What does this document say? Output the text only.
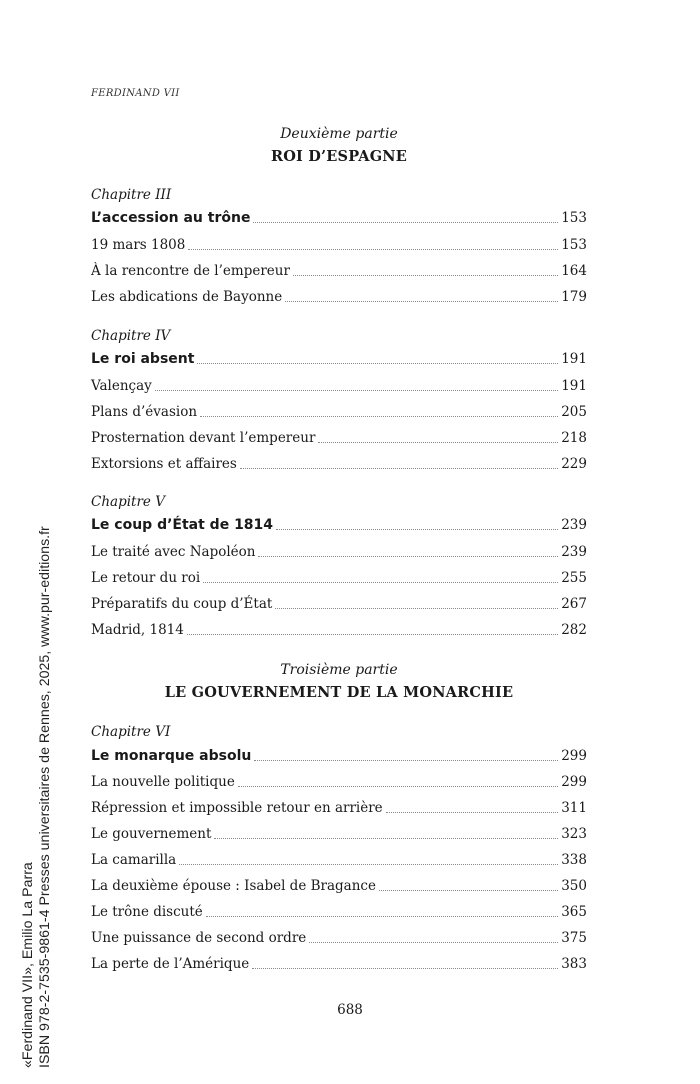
FERDINAND VII
Deuxième partie
ROI D’ESPAGNE
Chapitre III
L’accession au trône	153
19 mars 1808	153
À la rencontre de l’empereur	164
Les abdications de Bayonne	179
Chapitre IV
Le roi absent	191
Valençay	191
Plans d’évasion	205
Prosternation devant l’empereur	218
Extorsions et affaires	229
Chapitre V
Le coup d’État de 1814	239
Le traité avec Napoléon	239
Le retour du roi	255
Préparatifs du coup d’État	267
Madrid, 1814	282
Troisième partie
LE GOUVERNEMENT DE LA MONARCHIE
Chapitre VI
Le monarque absolu	299
La nouvelle politique	299
Répression et impossible retour en arrière	311
Le gouvernement	323
La camarilla	338
La deuxième épouse : Isabel de Bragance	350
Le trône discuté	365
Une puissance de second ordre	375
La perte de l’Amérique	383
688
«Ferdinand VII», Emilio La Parra ISBN 978-2-7535-9861-4 Presses universitaires de Rennes, 2025, www.pur-editions.fr
